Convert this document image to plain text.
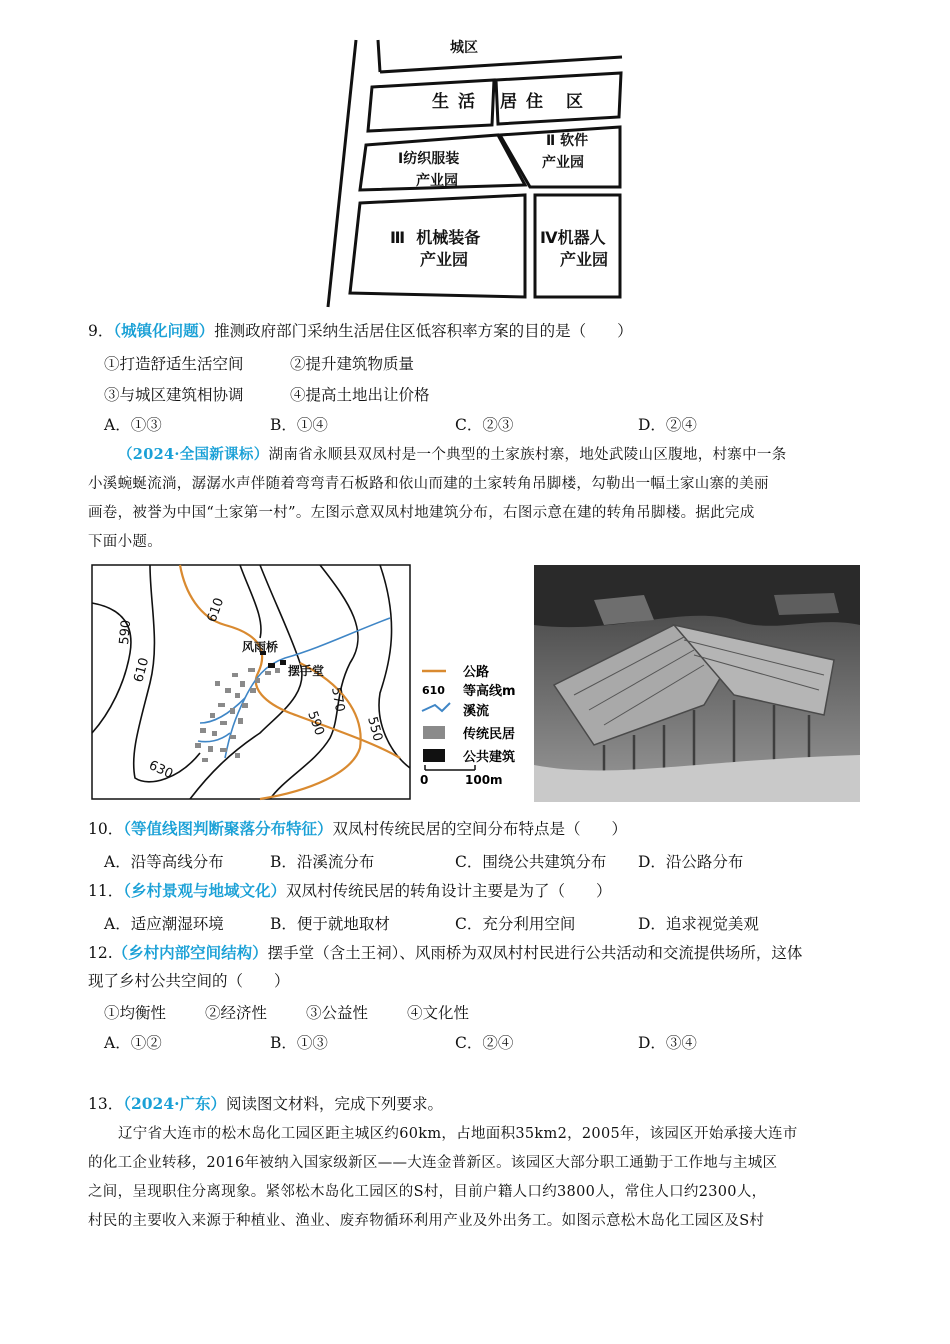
城区
生 活 居 住 区
Ⅰ纺织服装
产业园
Ⅱ 软件
产业园
Ⅲ  机械装备
产业园
Ⅳ机器人
产业园
9．（城镇化问题）推测政府部门采纳生活居住区低容积率方案的目的是（　　）
①打造舒适生活空间	②提升建筑物质量
③与城区建筑相协调	④提高土地出让价格
A．①③	B．①④	C．②③	D．②④
（2024·全国新课标）湖南省永顺县双凤村是一个典型的土家族村寨，地处武陵山区腹地，村寨中一条
小溪蜿蜒流淌，潺潺水声伴随着弯弯青石板路和依山而建的土家转角吊脚楼，勾勒出一幅土家山寨的美丽
画卷，被誉为中国“土家第一村”。左图示意双凤村地建筑分布，右图示意在建的转角吊脚楼。据此完成
下面小题。
610
590
610
630
590
570
550
风雨桥
摆手堂	公路
610 等高线m
溪流
传统民居
公共建筑
0	100m
10．（等值线图判断聚落分布特征）双凤村传统民居的空间分布特点是（　　）
A．沿等高线分布	B．沿溪流分布	C．围绕公共建筑分布 D．沿公路分布
11．（乡村景观与地域文化）双凤村传统民居的转角设计主要是为了（　　）
A．适应潮湿环境	B．便于就地取材	C．充分利用空间	D．追求视觉美观
12.（乡村内部空间结构）摆手堂（含土王祠）、风雨桥为双凤村村民进行公共活动和交流提供场所，这体
现了乡村公共空间的（　　）
①均衡性	②经济性	③公益性	④文化性
A．①②	B．①③	C．②④	D．③④
13．（2024·广东）阅读图文材料，完成下列要求。
辽宁省大连市的松木岛化工园区距主城区约60km，占地面积35km2，2005年，该园区开始承接大连市
的化工企业转移，2016年被纳入国家级新区——大连金普新区。该园区大部分职工通勤于工作地与主城区
之间，呈现职住分离现象。紧邻松木岛化工园区的S村，目前户籍人口约3800人，常住人口约2300人，
村民的主要收入来源于种植业、渔业、废弃物循环利用产业及外出务工。如图示意松木岛化工园区及S村
